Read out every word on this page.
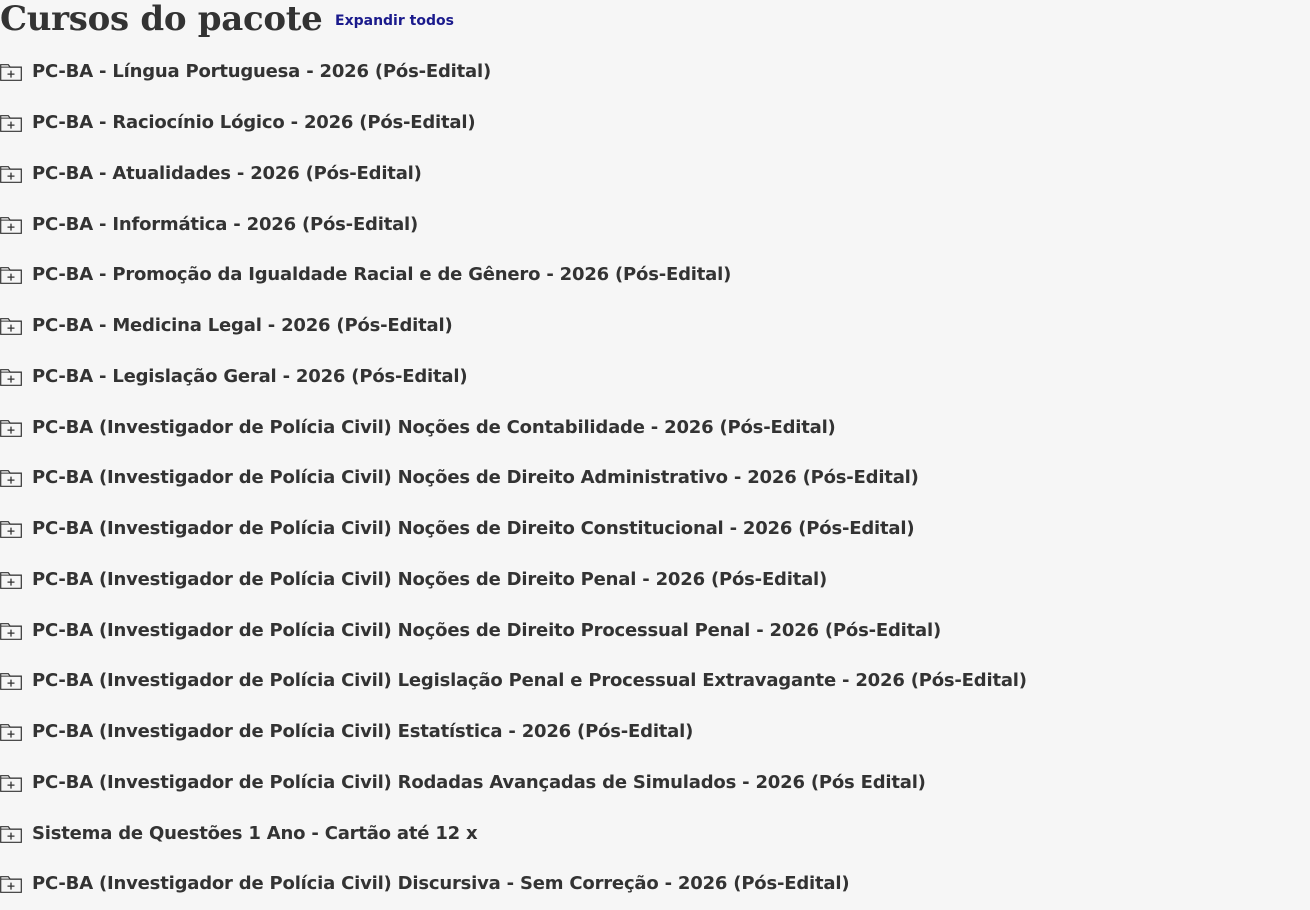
Cursos do pacote Expandir todos
PC-BA - Língua Portuguesa - 2026 (Pós-Edital)
PC-BA - Raciocínio Lógico - 2026 (Pós-Edital)
PC-BA - Atualidades - 2026 (Pós-Edital)
PC-BA - Informática - 2026 (Pós-Edital)
PC-BA - Promoção da Igualdade Racial e de Gênero - 2026 (Pós-Edital)
PC-BA - Medicina Legal - 2026 (Pós-Edital)
PC-BA - Legislação Geral - 2026 (Pós-Edital)
PC-BA (Investigador de Polícia Civil) Noções de Contabilidade - 2026 (Pós-Edital)
PC-BA (Investigador de Polícia Civil) Noções de Direito Administrativo - 2026 (Pós-Edital)
PC-BA (Investigador de Polícia Civil) Noções de Direito Constitucional - 2026 (Pós-Edital)
PC-BA (Investigador de Polícia Civil) Noções de Direito Penal - 2026 (Pós-Edital)
PC-BA (Investigador de Polícia Civil) Noções de Direito Processual Penal - 2026 (Pós-Edital)
PC-BA (Investigador de Polícia Civil) Legislação Penal e Processual Extravagante - 2026 (Pós-Edital)
PC-BA (Investigador de Polícia Civil) Estatística - 2026 (Pós-Edital)
PC-BA (Investigador de Polícia Civil) Rodadas Avançadas de Simulados - 2026 (Pós Edital)
Sistema de Questões 1 Ano - Cartão até 12 x
PC-BA (Investigador de Polícia Civil) Discursiva - Sem Correção - 2026 (Pós-Edital)
